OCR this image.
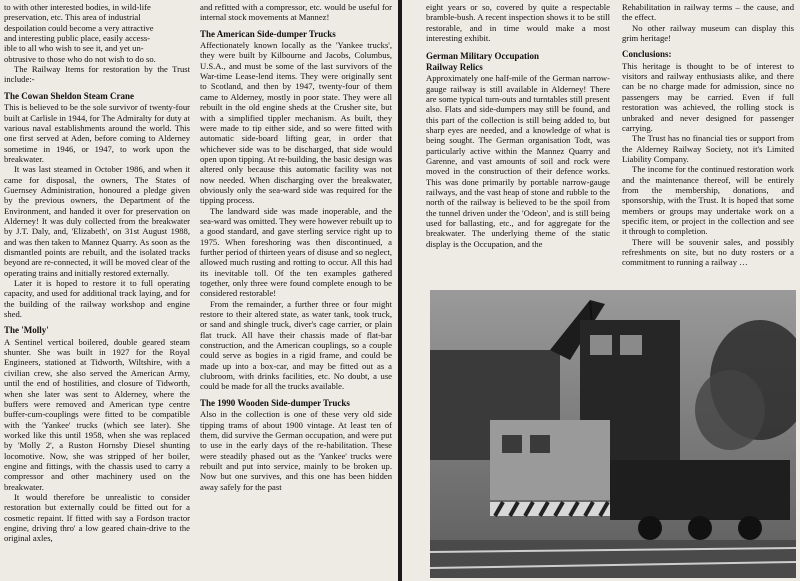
to with other interested bodies, in wild-life

preservation, etc. This area of industrial

despoilation could become a very attractive

and interesting public place, easily access-

ible to all who wish to see it, and yet un-

obtrusive to those who do not wish to do so.

The Railway Items for restoration by the Trust include:-

The Cowan Sheldon Steam Crane

This is believed to be the sole survivor of twenty-four built at Carlisle in 1944, for The Admiralty for duty at various naval establishments around the world. This one first served at Aden, before coming to Alderney sometime in 1946, or 1947, to work upon the breakwater.

It was last steamed in October 1986, and when it came for disposal, the owners, The States of Guernsey Administration, honoured a pledge given by the previous owners, the Department of the Environment, and handed it over for preservation on Alderney! It was duly collected from the breakwater by J.T. Daly, and, 'Elizabeth', on 31st August 1988, and was then taken to Mannez Quarry. As soon as the dismantled points are rebuilt, and the isolated tracks beyond are re-connected, it will be moved clear of the operating trains and initially restored externally.

Later it is hoped to restore it to full operating capacity, and used for additional track laying, and for the building of the railway workshop and engine shed.

The 'Molly'

A Sentinel vertical boilered, double geared steam shunter. She was built in 1927 for the Royal Engineers, stationed at Tidworth, Wiltshire, with a civilian crew, she also served the American Army, until the end of hostilities, and closure of Tidworth, when she later was sent to Alderney, where the buffers were removed and American type centre buffer-cum-couplings were fitted to be compatible with the 'Yankee' trucks (which see later). She worked like this until 1958, when she was replaced by 'Molly 2', a Ruston Hornsby Diesel shunting locomotive. Now, she was stripped of her boiler, engine and fittings, with the chassis used to carry a compressor and other machinery used on the breakwater.

It would therefore be unrealistic to consider restoration but externally could be fitted out for a cosmetic repaint. If fitted with say a Fordson tractor engine, driving thro' a low geared chain-drive to the original axles,

and refitted with a compressor, etc. would be useful for internal stock movements at Mannez!

The American Side-dumper Trucks

Affectionately known locally as the 'Yankee trucks', they were built by Kilbourne and Jacobs, Columbus, U.S.A., and must be some of the last survivors of the War-time Lease-lend items. They were originally sent to Scotland, and then by 1947, twenty-four of them came to Alderney, mostly in poor state. They were all rebuilt in the old engine sheds at the Crusher site, but with a simplified tippler mechanism. As built, they were made to tip either side, and so were fitted with automatic side-board lifting gear, in order that whichever side was to be discharged, that side would open upon tipping. At re-building, the basic design was altered only because this automatic facility was not now needed. When discharging over the breakwater, obviously only the sea-ward side was required for the tipping process.

The landward side was made inoperable, and the sea-ward was omitted. They were however rebuilt up to a good standard, and gave sterling service right up to 1975. When foreshoring was then discontinued, a further period of thirteen years of disuse and so neglect, allowed much rusting and rotting to occur. All this had its inevitable toll. Of the ten examples gathered together, only three were found complete enough to be considered restorable!

From the remainder, a further three or four might restore to their altered state, as water tank, took truck, or sand and shingle truck, diver's cage carrier, or plain flat truck. All have their chassis made of flat-bar construction, and the American couplings, so a couple could serve as bogies in a rigid frame, and could be made up into a box-car, and may be fitted out as a clubroom, with drinks facilities, etc. No doubt, a use could be made for all the trucks available.

The 1990 Wooden Side-dumper Trucks

Also in the collection is one of these very old side tipping trams of about 1900 vintage. At least ten of them, did survive the German occupation, and were put to use in the early days of the re-habilitation. These were steadily phased out as the 'Yankee' trucks were rebuilt and put into service, mainly to be broken up. Now but one survives, and this one has been hidden away safely for the past

eight years or so, covered by quite a respectable bramble-bush. A recent inspection shows it to be still restorable, and in time would make a most interesting exhibit.

German Military Occupation
Railway Relics

Approximately one half-mile of the German narrow-gauge railway is still available in Alderney! There are some typical turn-outs and turntables still present also. Flats and side-dumpers may still be found, and this part of the collection is still being added to, but sharp eyes are needed, and a knowledge of what is being sought. The German organisation Todt, was particularly active within the Mannez Quarry and Garenne, and vast amounts of soil and rock were moved in the construction of their defence works. This was done primarily by portable narrow-gauge railways, and the vast heap of stone and rubble to the north of the railway is believed to be the spoil from the tunnel driven under the 'Odeon', and is still being used for ballasting, etc., and for aggregate for the breakwater. The underlying theme of the static display is the Occupation, and the

Rehabilitation in railway terms – the cause, and the effect.

No other railway museum can display this grim heritage!

Conclusions:

This heritage is thought to be of interest to visitors and railway enthusiasts alike, and there can be no charge made for admission, since no passengers may be carried. Even if full restoration was achieved, the rolling stock is unbraked and never designed for passenger carrying.

The Trust has no financial ties or support from the Alderney Railway Society, not it's Limited Liability Company.

The income for the continued restoration work and the maintenance thereof, will be entirely from the membership, donations, and sponsorship, with the Trust. It is hoped that some members or groups may undertake work on a specific item, or project in the collection and see it through to completion.

There will be souvenir sales, and possibly refreshments on site, but no duty rosters or a commitment to running a railway …
